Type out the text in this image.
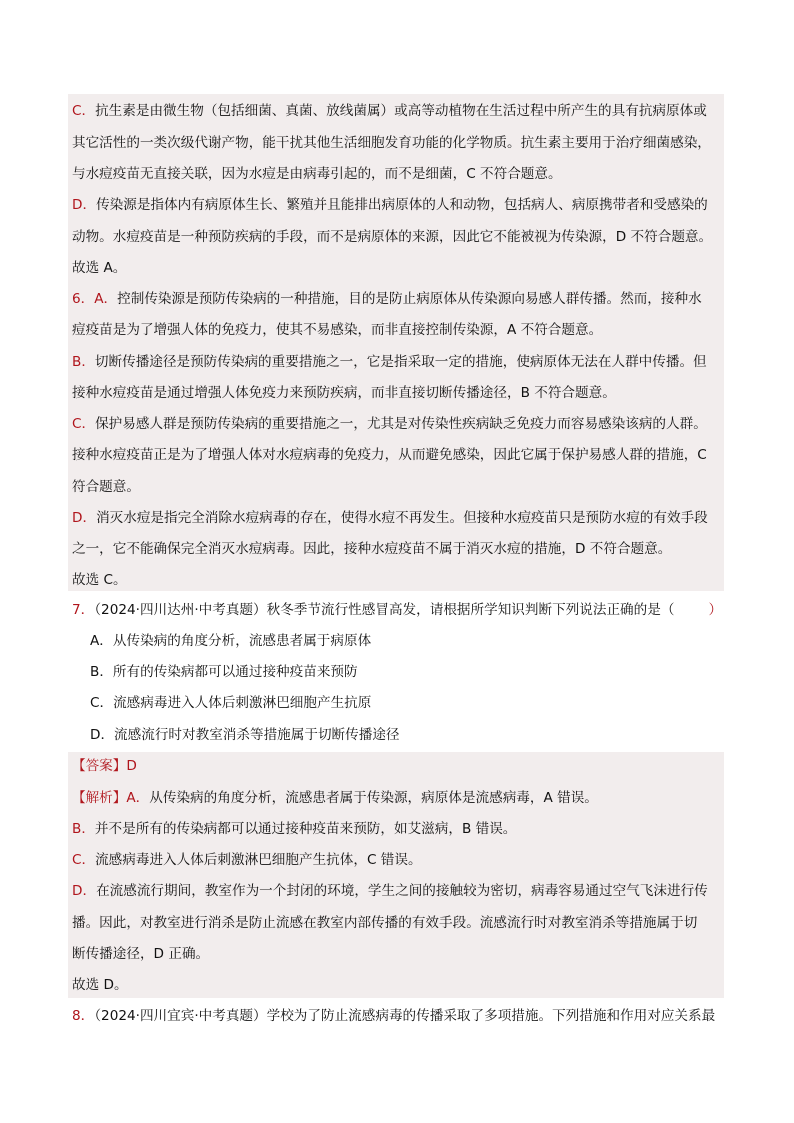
C．抗生素是由微生物（包括细菌、真菌、放线菌属）或高等动植物在生活过程中所产生的具有抗病原体或
其它活性的一类次级代谢产物，能干扰其他生活细胞发育功能的化学物质。抗生素主要用于治疗细菌感染，
与水痘疫苗无直接关联，因为水痘是由病毒引起的，而不是细菌，C 不符合题意。
D．传染源是指体内有病原体生长、繁殖并且能排出病原体的人和动物，包括病人、病原携带者和受感染的
动物。水痘疫苗是一种预防疾病的手段，而不是病原体的来源，因此它不能被视为传染源，D 不符合题意。
故选 A。
6．A．控制传染源是预防传染病的一种措施，目的是防止病原体从传染源向易感人群传播。然而，接种水
痘疫苗是为了增强人体的免疫力，使其不易感染，而非直接控制传染源，A 不符合题意。
B．切断传播途径是预防传染病的重要措施之一，它是指采取一定的措施，使病原体无法在人群中传播。但
接种水痘疫苗是通过增强人体免疫力来预防疾病，而非直接切断传播途径，B 不符合题意。
C．保护易感人群是预防传染病的重要措施之一，尤其是对传染性疾病缺乏免疫力而容易感染该病的人群。
接种水痘疫苗正是为了增强人体对水痘病毒的免疫力，从而避免感染，因此它属于保护易感人群的措施，C
符合题意。
D．消灭水痘是指完全消除水痘病毒的存在，使得水痘不再发生。但接种水痘疫苗只是预防水痘的有效手段
之一，它不能确保完全消灭水痘病毒。因此，接种水痘疫苗不属于消灭水痘的措施，D 不符合题意。
故选 C。
7．（2024·四川达州·中考真题）秋冬季节流行性感冒高发，请根据所学知识判断下列说法正确的是（	）
A．从传染病的角度分析，流感患者属于病原体
B．所有的传染病都可以通过接种疫苗来预防
C．流感病毒进入人体后刺激淋巴细胞产生抗原
D．流感流行时对教室消杀等措施属于切断传播途径
【答案】D
【解析】A．从传染病的角度分析，流感患者属于传染源，病原体是流感病毒，A 错误。
B．并不是所有的传染病都可以通过接种疫苗来预防，如艾滋病，B 错误。
C．流感病毒进入人体后刺激淋巴细胞产生抗体，C 错误。
D．在流感流行期间，教室作为一个封闭的环境，学生之间的接触较为密切，病毒容易通过空气飞沫进行传
播。因此，对教室进行消杀是防止流感在教室内部传播的有效手段。流感流行时对教室消杀等措施属于切
断传播途径，D 正确。
故选 D。
8．（2024·四川宜宾·中考真题）学校为了防止流感病毒的传播采取了多项措施。下列措施和作用对应关系最
